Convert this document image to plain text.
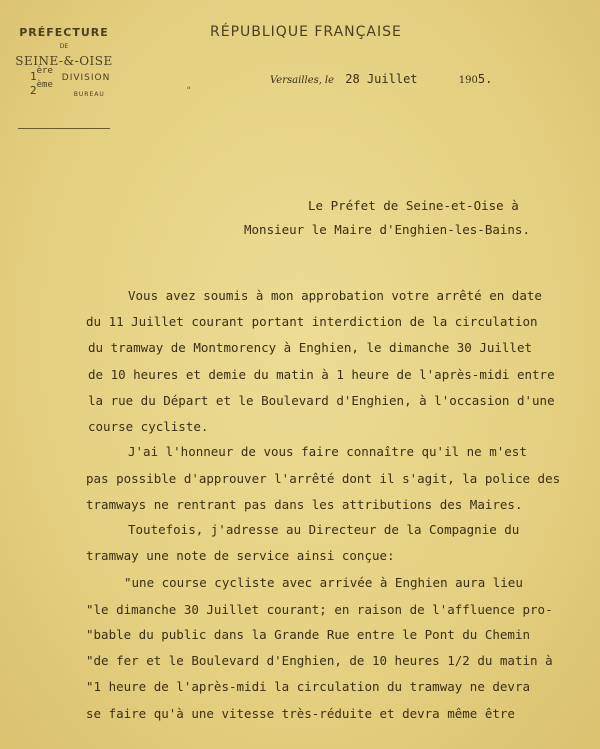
PRÉFECTURE
DE
SEINE-&-OISE
1ère DIVISION
2ème $_{BUREAU}$
RÉPUBLIQUE FRANÇAISE
Versailles, le 28 Juillet	1905.
"
Le Préfet de Seine-et-Oise à
Monsieur le Maire d'Enghien-les-Bains.
Vous avez soumis à mon approbation votre arrêté en date
du 11 Juillet courant portant interdiction de la circulation
du tramway de Montmorency à Enghien, le dimanche 30 Juillet
de 10 heures et demie du matin à 1 heure de l'après-midi entre
la rue du Départ et le Boulevard d'Enghien, à l'occasion d'une
course cycliste.
J'ai l'honneur de vous faire connaître qu'il ne m'est
pas possible d'approuver l'arrêté dont il s'agit, la police des
tramways ne rentrant pas dans les attributions des Maires.
Toutefois, j'adresse au Directeur de la Compagnie du
tramway une note de service ainsi conçue:
"une course cycliste avec arrivée à Enghien aura lieu
"le dimanche 30 Juillet courant; en raison de l'affluence pro-
"bable du public dans la Grande Rue entre le Pont du Chemin
"de fer et le Boulevard d'Enghien, de 10 heures 1/2 du matin à
"1 heure de l'après-midi la circulation du tramway ne devra
se faire qu'à une vitesse très-réduite et devra même être
